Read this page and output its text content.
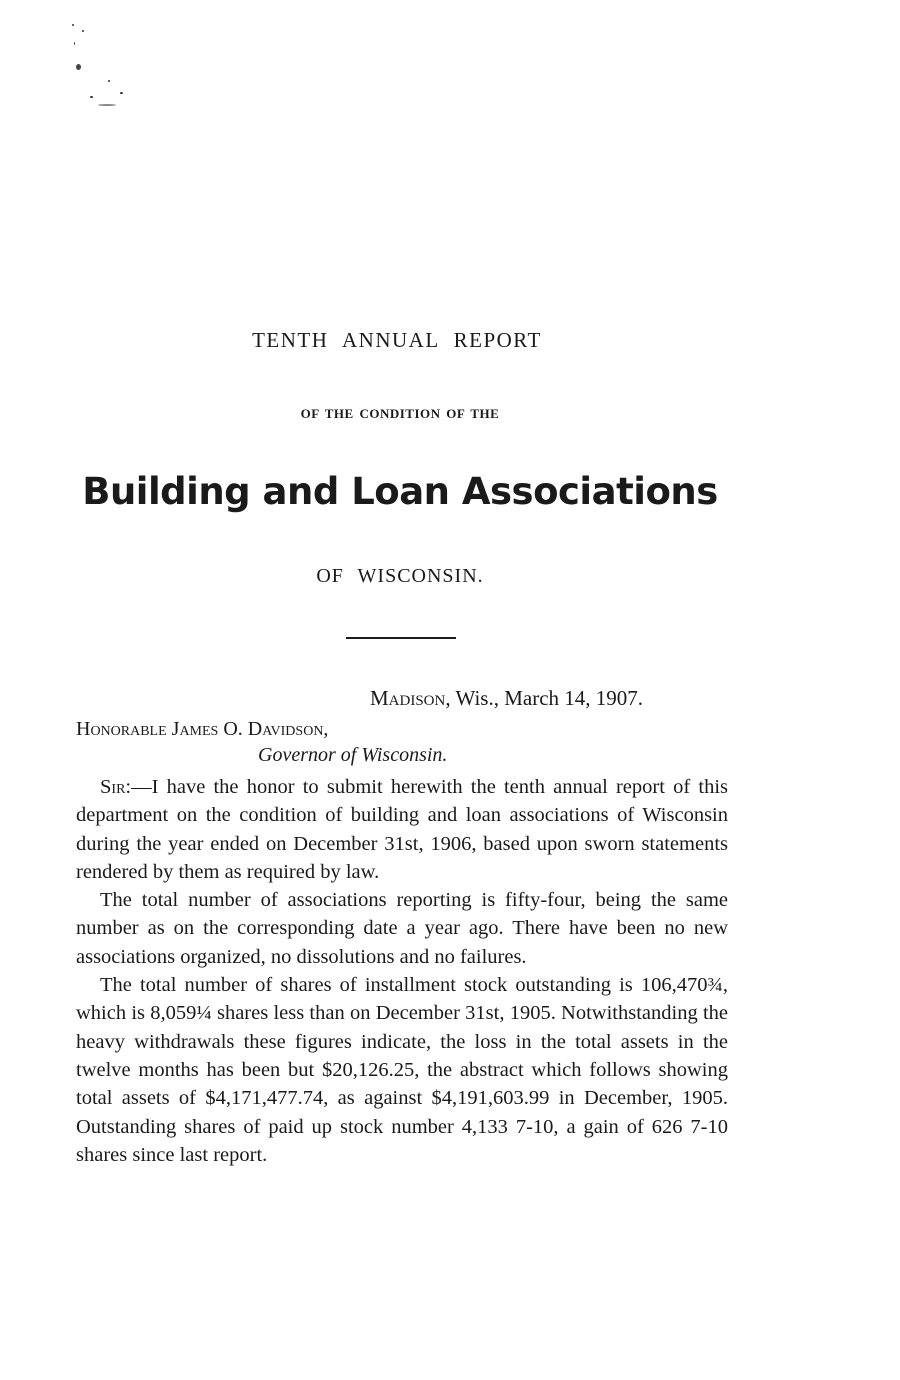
TENTH ANNUAL REPORT
OF THE CONDITION OF THE
Building and Loan Associations
OF WISCONSIN.
Madison, Wis., March 14, 1907.
Honorable James O. Davidson,
Governor of Wisconsin.

Sir:—I have the honor to submit herewith the tenth annual report of this department on the condition of building and loan associations of Wisconsin during the year ended on December 31st, 1906, based upon sworn statements rendered by them as required by law.

The total number of associations reporting is fifty-four, being the same number as on the corresponding date a year ago. There have been no new associations organized, no dissolutions and no failures.

The total number of shares of installment stock outstanding is 106,470¾, which is 8,059¼ shares less than on December 31st, 1905. Notwithstanding the heavy withdrawals these figures indicate, the loss in the total assets in the twelve months has been but $20,126.25, the abstract which follows showing total assets of $4,171,477.74, as against $4,191,603.99 in December, 1905. Outstanding shares of paid up stock number 4,133 7-10, a gain of 626 7-10 shares since last report.
